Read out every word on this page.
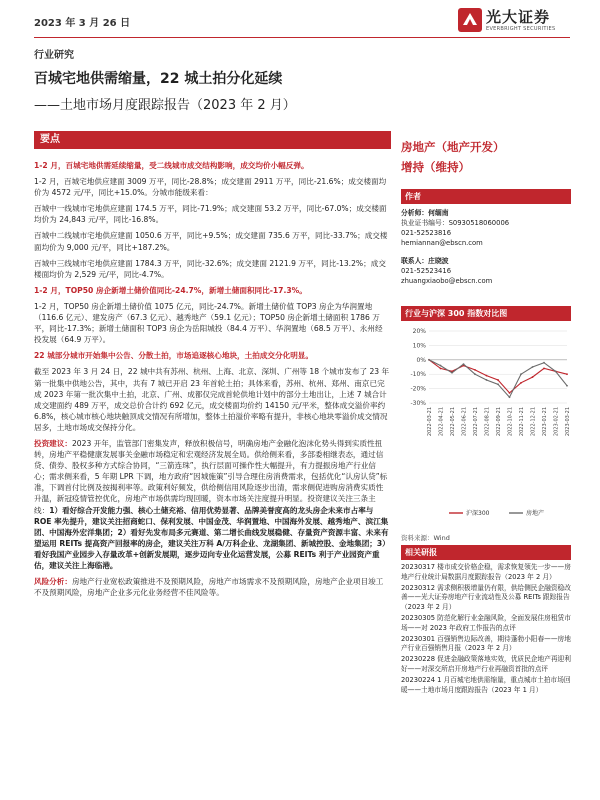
2023 年 3 月 26 日	光大证券
EVERBRIGHT SECURITIES
行业研究
百城宅地供需缩量，22 城土拍分化延续
——土地市场月度跟踪报告（2023 年 2 月）
要点

1-2 月，百城宅地供需延续缩量，受二线城市成交结构影响，成交均价小幅反弹。

1-2 月，百城宅地供应建面 3009 万平，同比-28.8%；成交建面 2911 万平，同比-21.6%；成交楼面均价为 4572 元/平，同比+15.0%。分城市能级来看：

百城中一线城市宅地供应建面 174.5 万平，同比-71.9%；成交建面 53.2 万平，同比-67.0%；成交楼面均价为 24,843 元/平，同比-16.8%。

百城中二线城市宅地供应建面 1050.6 万平，同比+9.5%；成交建面 735.6 万平，同比-33.7%；成交楼面均价为 9,000 元/平，同比+187.2%。

百城中三线城市宅地供应建面 1784.3 万平，同比-32.6%；成交建面 2121.9 万平，同比-13.2%；成交楼面均价为 2,529 元/平，同比-4.7%。

1-2 月，TOP50 房企新增土储价值同比-24.7%，新增土储面积同比-17.3%。

1-2 月，TOP50 房企新增土储价值 1075 亿元，同比-24.7%。新增土储价值 TOP3 房企为华润置地（116.6 亿元）、建发房产（67.3 亿元）、越秀地产（59.1 亿元）；TOP50 房企新增土储面积 1786 万平，同比-17.3%；新增土储面积 TOP3 房企为岳阳城投（84.4 万平）、华润置地（68.5 万平）、永州经投发展（64.9 万平）。

22 城部分城市开始集中公告、分散土拍，市场追逐核心地块，土拍成交分化明显。

截至 2023 年 3 月 24 日，22 城中共有苏州、杭州、上海、北京、深圳、广州等 18 个城市发布了 23 年第一批集中供地公告，其中，共有 7 城已开启 23 年首轮土拍；具体来看，苏州、杭州、郑州、南京已完成 2023 年第一批次集中土拍，北京、广州、成都仅完成首轮供地计划中的部分土地出让，上述 7 城合计成交建面约 489 万平，成交总价合计约 692 亿元，成交楼面均价约 14150 元/平米，整体成交溢价率约 6.8%，核心城市核心地块触顶成交情况有所增加，整体土拍溢价率略有提升，非核心地块零溢价成交情况居多，土地市场成交保持分化。

投资建议：2023 开年，监管部门密集发声，释放积极信号，明确房地产金融化泡沫化势头得到实质性扭转，房地产平稳健康发展事关金融市场稳定和宏观经济发展全局。供给侧来看，多部委相继表态，通过信贷、债券、股权多种方式综合协同，“三箭连珠”，执行层面可操作性大幅提升，有力提振房地产行业信心；需求侧来看，5 年期 LPR 下调，地方政府“因城施策”引导合理住房消费需求，包括优化“认房认贷”标准，下调首付比例及按揭利率等。政策利好频发，供给侧信用风险逐步出清，需求侧促进购房消费实质性升温，新冠疫情管控优化，房地产市场供需均现回暖，资本市场关注度提升明显。投资建议关注三条主线：1）看好综合开发能力强、核心土储充裕、信用优势显著、品牌美誉度高的龙头房企未来市占率与 ROE 率先提升，建议关注招商蛇口、保利发展、中国金茂、华润置地、中国海外发展、越秀地产、滨江集团、中国海外宏洋集团；2）看好先发布局多元赛道、第二增长曲线发展稳健、存量资产资源丰富、未来有望运用 REITs 提高资产回报率的房企，建议关注万科 A/万科企业、龙湖集团、新城控股、金地集团；3）看好我国产业园步入存量改革+创新发展期，逐步迈向专业化运营发展，公募 REITs 利于产业园资产重估，建议关注上海临港。

风险分析：房地产行业宽松政策推进不及预期风险，房地产市场需求不及预期风险，房地产企业项目竣工不及预期风险，房地产企业多元化业务经营不佳风险等。

房地产（地产开发）
增持（维持）
作者
分析师：何缅南
执业证书编号：S0930518060006
021-52523816
hemiannan@ebscn.com
联系人：庄晓波
021-52523416
zhuangxiaobo@ebscn.com
行业与沪深 300 指数对比图
20%
10%
0%
-10%
-20%
-30%
2022-03-21 2022-04-21 2022-05-21 2022-06-21 2022-07-21 2022-08-21 2022-09-21 2022-10-21 2022-11-21 2022-12-21 2023-01-21 2023-02-21 2023-03-21
沪深300	房地产
资料来源：Wind
相关研报
20230317 楼市成交价格企稳，需求恢复领先一步——房地产行业统计局数据月度跟踪报告（2023 年 2 月）
20230312 需求侧积极增量仍有限，供给侧民企融资稳改善——光大证券房地产行业流动性及公募 REITs 跟踪报告（2023 年 2 月）
20230305 防范化解行业金融风险，全面发展住房租赁市场——对 2023 年政府工作报告的点评
20230301 百强销售边际改善，期待蓬勃小阳春——房地产行业百强销售月报（2023 年 2 月）
20230228 促进金融政策落地实效，优质民企地产再迎利好——对深交所启开房地产行业再融资首批的点评
20230224 1 月百城宅地供需缩量，重点城市土拍市场回暖——土地市场月度跟踪报告（2023 年 1 月）
